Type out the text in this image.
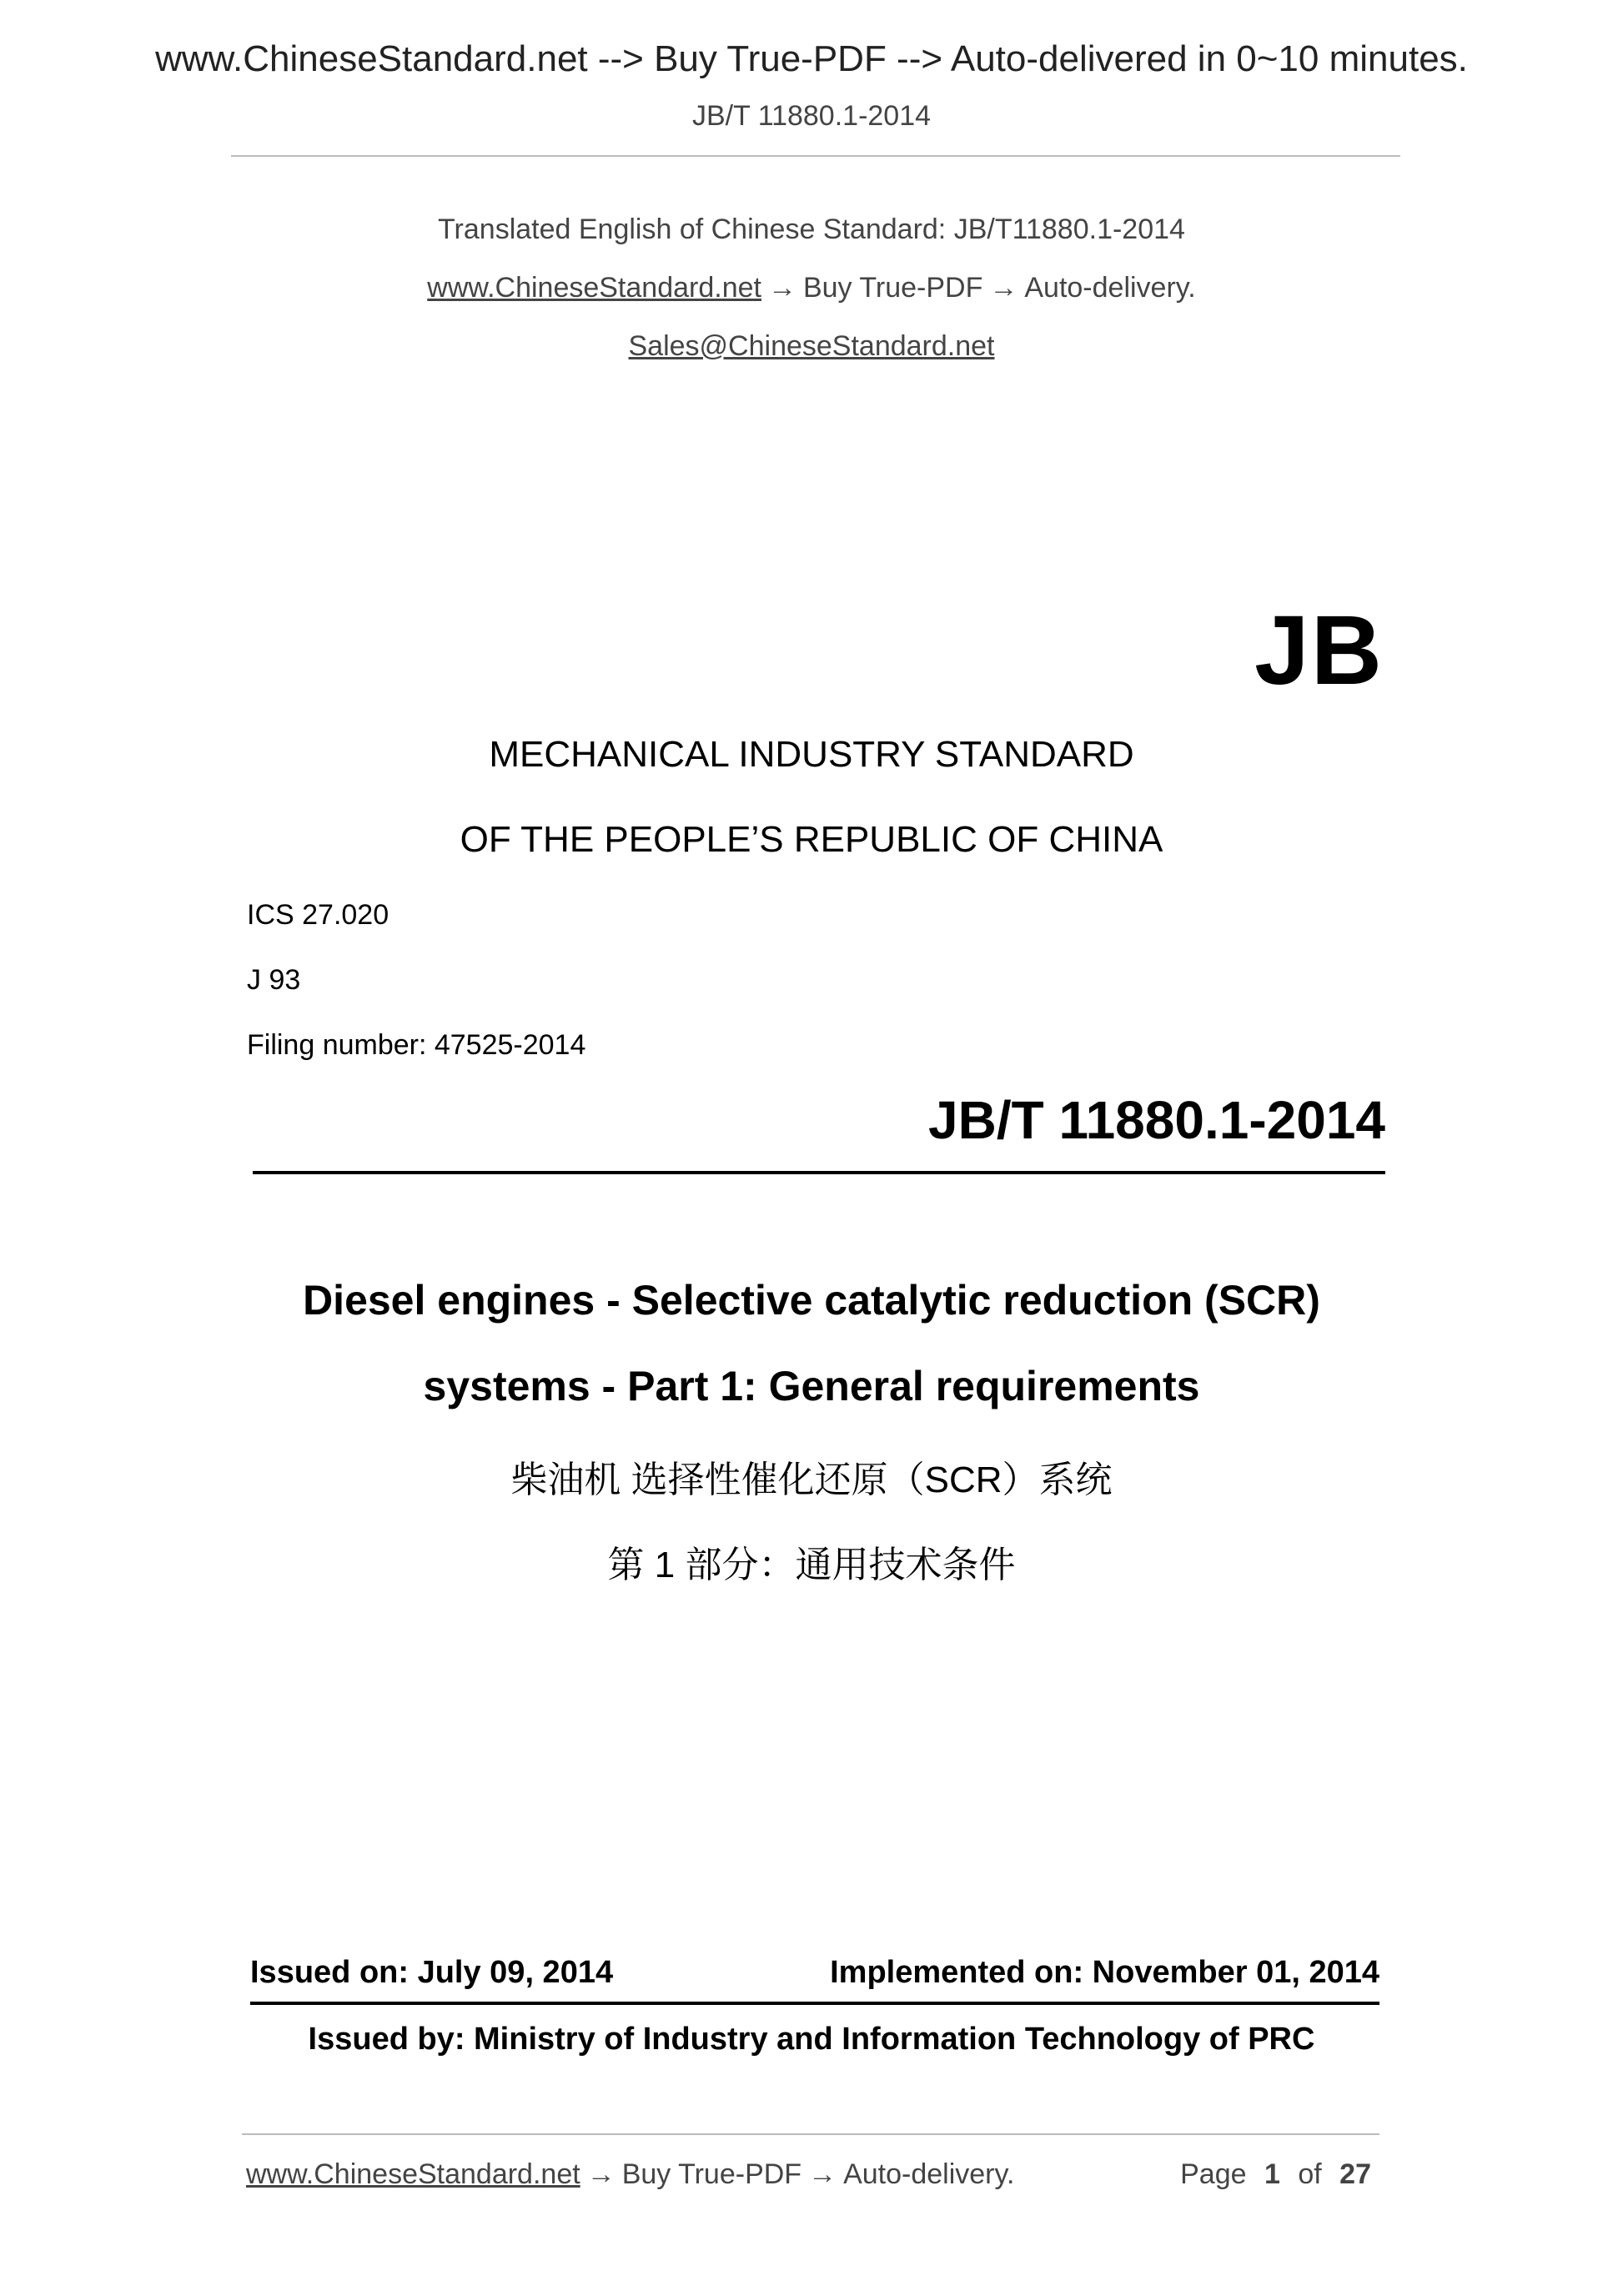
www.ChineseStandard.net --> Buy True-PDF --> Auto-delivered in 0~10 minutes.
JB/T 11880.1-2014
Translated English of Chinese Standard: JB/T11880.1-2014
www.ChineseStandard.net → Buy True-PDF → Auto-delivery.
Sales@ChineseStandard.net
JB
MECHANICAL INDUSTRY STANDARD
OF THE PEOPLE’S REPUBLIC OF CHINA
ICS 27.020
J 93
Filing number: 47525-2014
JB/T 11880.1-2014
Diesel engines - Selective catalytic reduction (SCR)
systems - Part 1: General requirements
柴油机 选择性催化还原（SCR）系统
第 1 部分：通用技术条件
Issued on: July 09, 2014	Implemented on: November 01, 2014
Issued by: Ministry of Industry and Information Technology of PRC
www.ChineseStandard.net → Buy True-PDF → Auto-delivery.	Page 1 of 27
